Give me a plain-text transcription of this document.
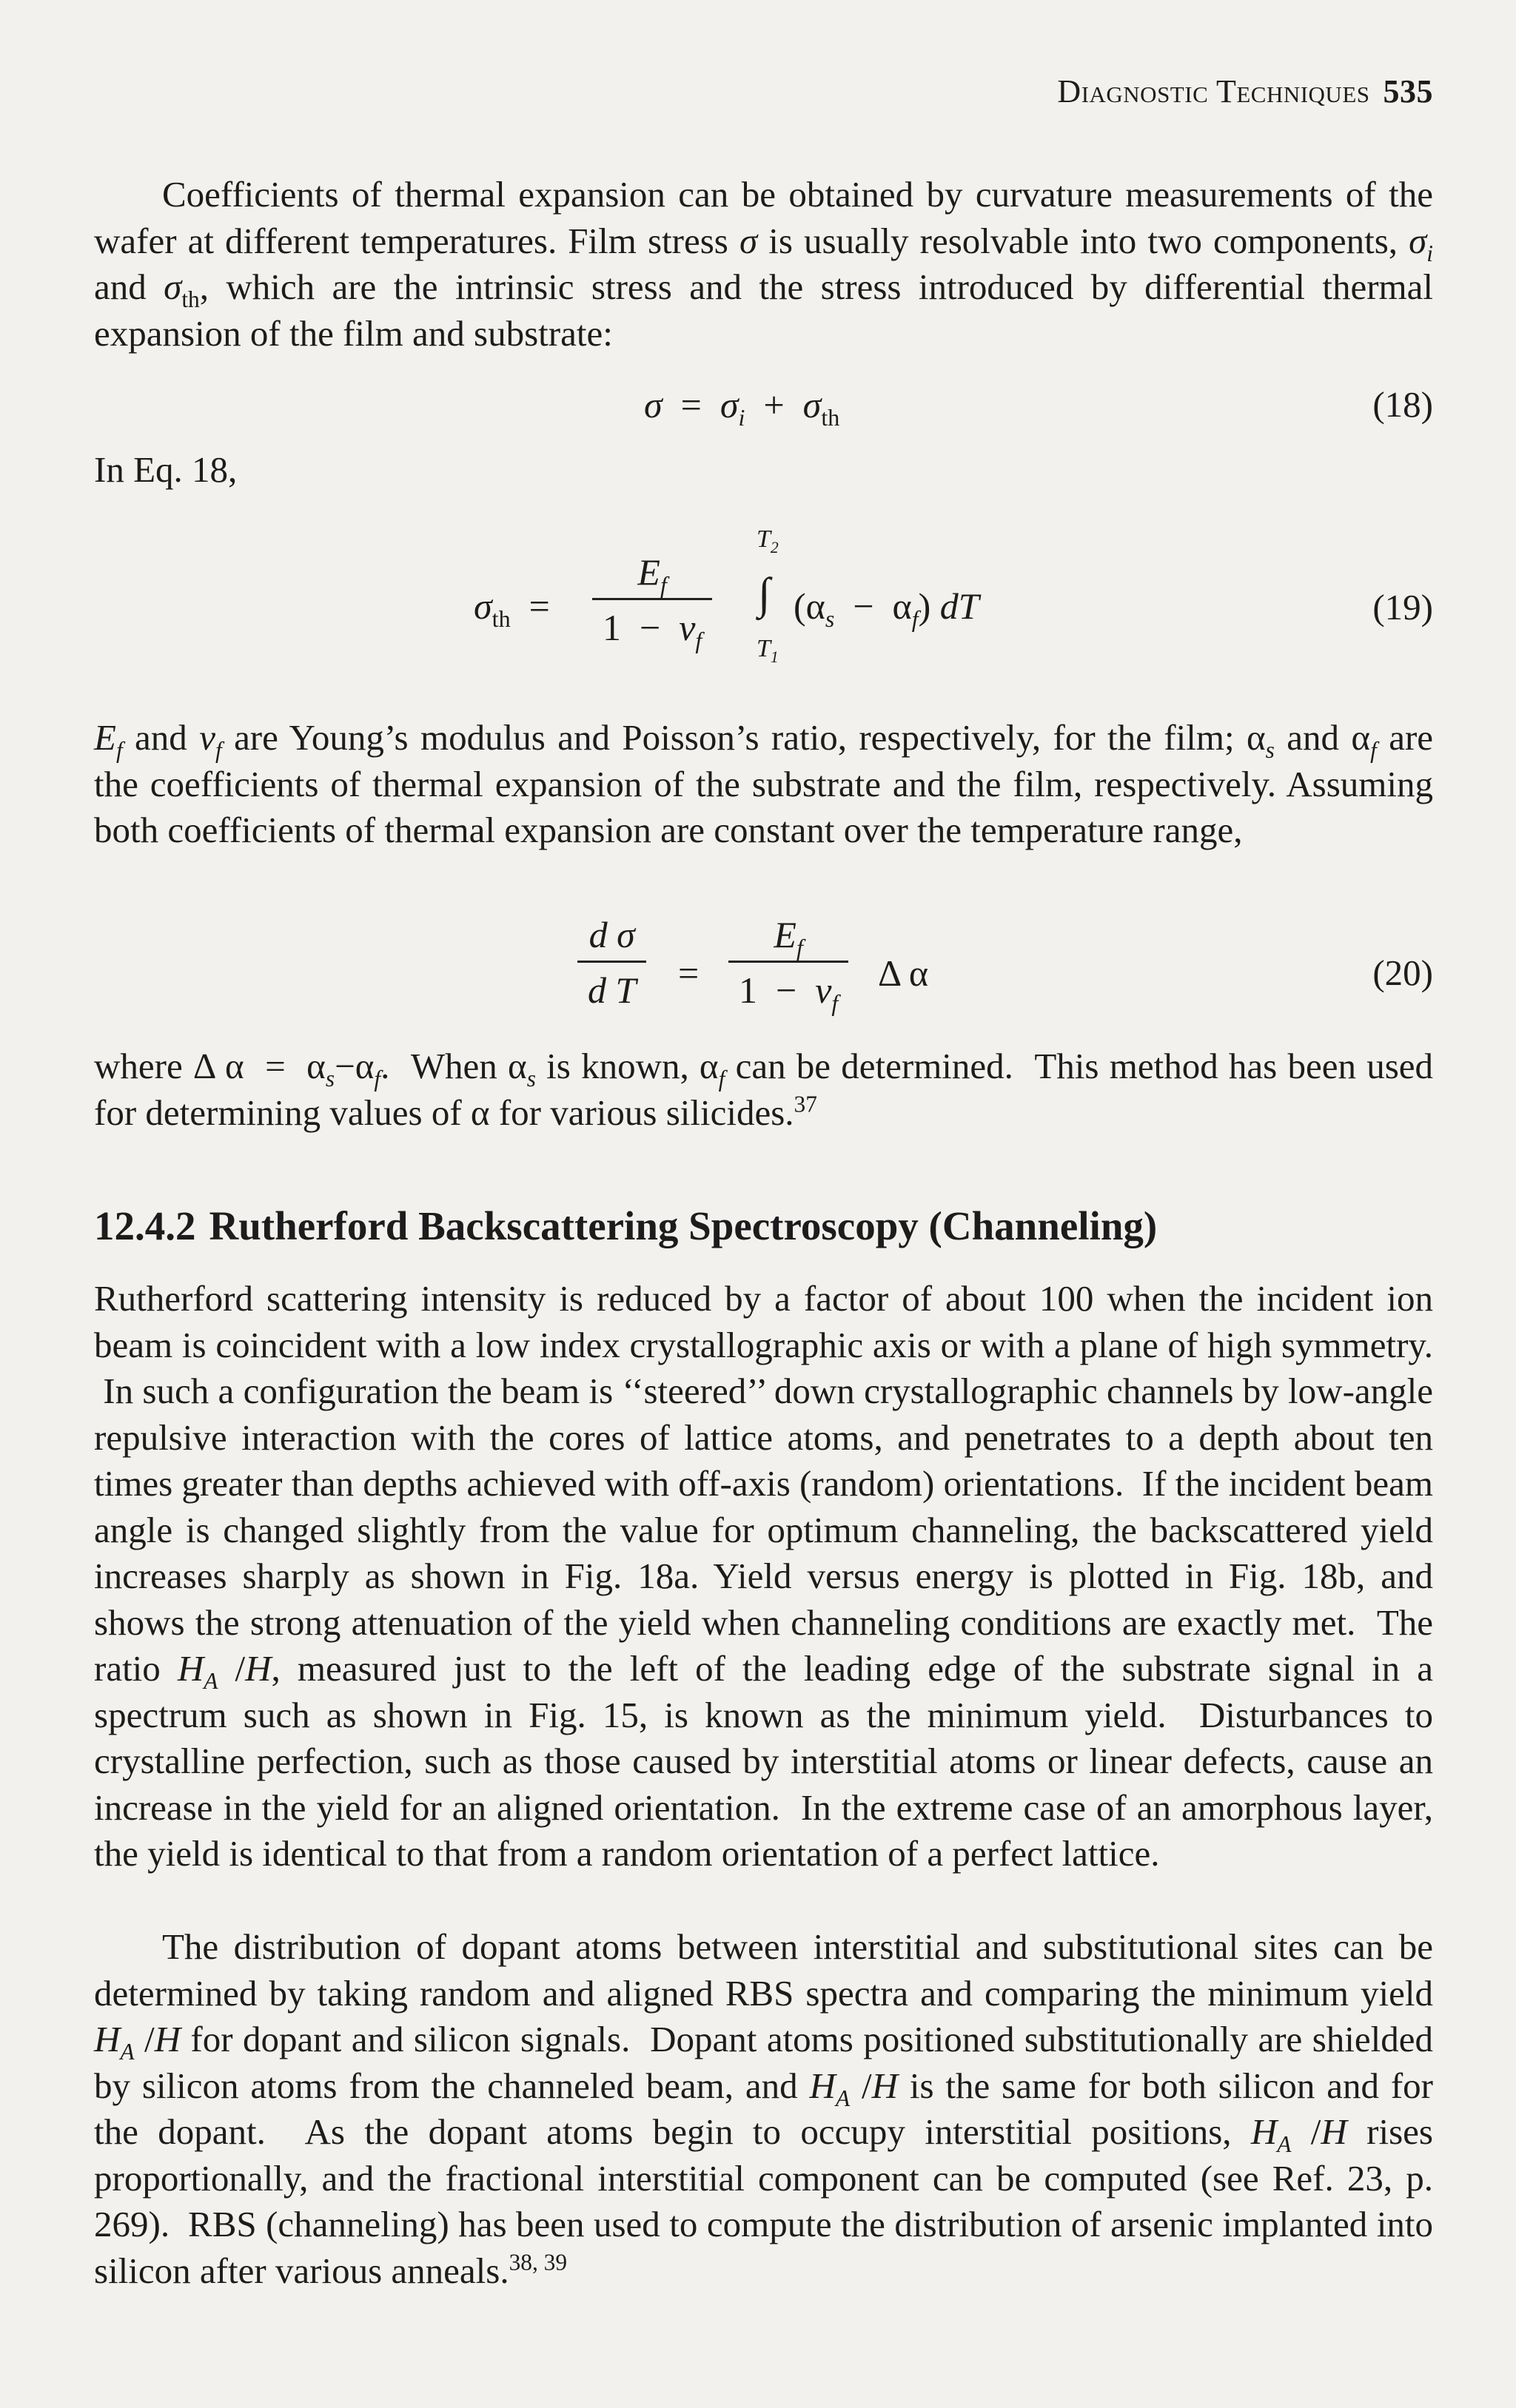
Diagnostic Techniques 535

Coefficients of thermal expansion can be obtained by curvature measurements of the wafer at different temperatures. Film stress σ is usually resolvable into two components, $\sigma_i$ and $\sigma_{th}$, which are the intrinsic stress and the stress introduced by differential thermal expansion of the film and substrate:

$\sigma = \sigma_i + \sigma_{th}$	(18)
In Eq. 18,
$\sigma_{th} = \frac{E_f}{1 - \nu_f}$
$T_2$
∫
$T_1$
$(\alpha_s - \alpha_f)$ dT	(19)

$E_f$ and $\nu_f$ are Young’s modulus and Poisson’s ratio, respectively, for the film; $\alpha_s$ and $\alpha_f$ are the coefficients of thermal expansion of the substrate and the film, respectively. Assuming both coefficients of thermal expansion are constant over the temperature range,

$\frac{\text{d σ}}{\text{d T}} = \frac{E_f}{1 - \nu_f}$ Δ α	(20)

where Δ $\alpha = \alpha_s-\alpha_f$.  When $\alpha_s$ is known, $\alpha_f$ can be determined.  This method has been used for determining values of α for various silicides.$^{37}$

12.4.2 Rutherford Backscattering Spectroscopy (Channeling)

Rutherford scattering intensity is reduced by a factor of about 100 when the incident ion beam is coincident with a low index crystallographic axis or with a plane of high symmetry.  In such a configuration the beam is ‘‘steered’’ down crystallographic channels by low-angle repulsive interaction with the cores of lattice atoms, and penetrates to a depth about ten times greater than depths achieved with off-axis (random) orientations.  If the incident beam angle is changed slightly from the value for optimum channeling, the backscattered yield increases sharply as shown in Fig. 18a. Yield versus energy is plotted in Fig. 18b, and shows the strong attenuation of the yield when channeling conditions are exactly met.  The ratio $H_A$ /H, measured just to the left of the leading edge of the substrate signal in a spectrum such as shown in Fig. 15, is known as the minimum yield.  Disturbances to crystalline perfection, such as those caused by interstitial atoms or linear defects, cause an increase in the yield for an aligned orientation.  In the extreme case of an amorphous layer, the yield is identical to that from a random orientation of a perfect lattice.

The distribution of dopant atoms between interstitial and substitutional sites can be determined by taking random and aligned RBS spectra and comparing the minimum yield $H_A$ /H for dopant and silicon signals.  Dopant atoms positioned substitutionally are shielded by silicon atoms from the channeled beam, and $H_A$ /H is the same for both silicon and for the dopant.  As the dopant atoms begin to occupy interstitial positions, $H_A$ /H rises proportionally, and the fractional interstitial component can be computed (see Ref. 23, p. 269).  RBS (channeling) has been used to compute the distribution of arsenic implanted into silicon after various anneals.$^{38, 39}$
